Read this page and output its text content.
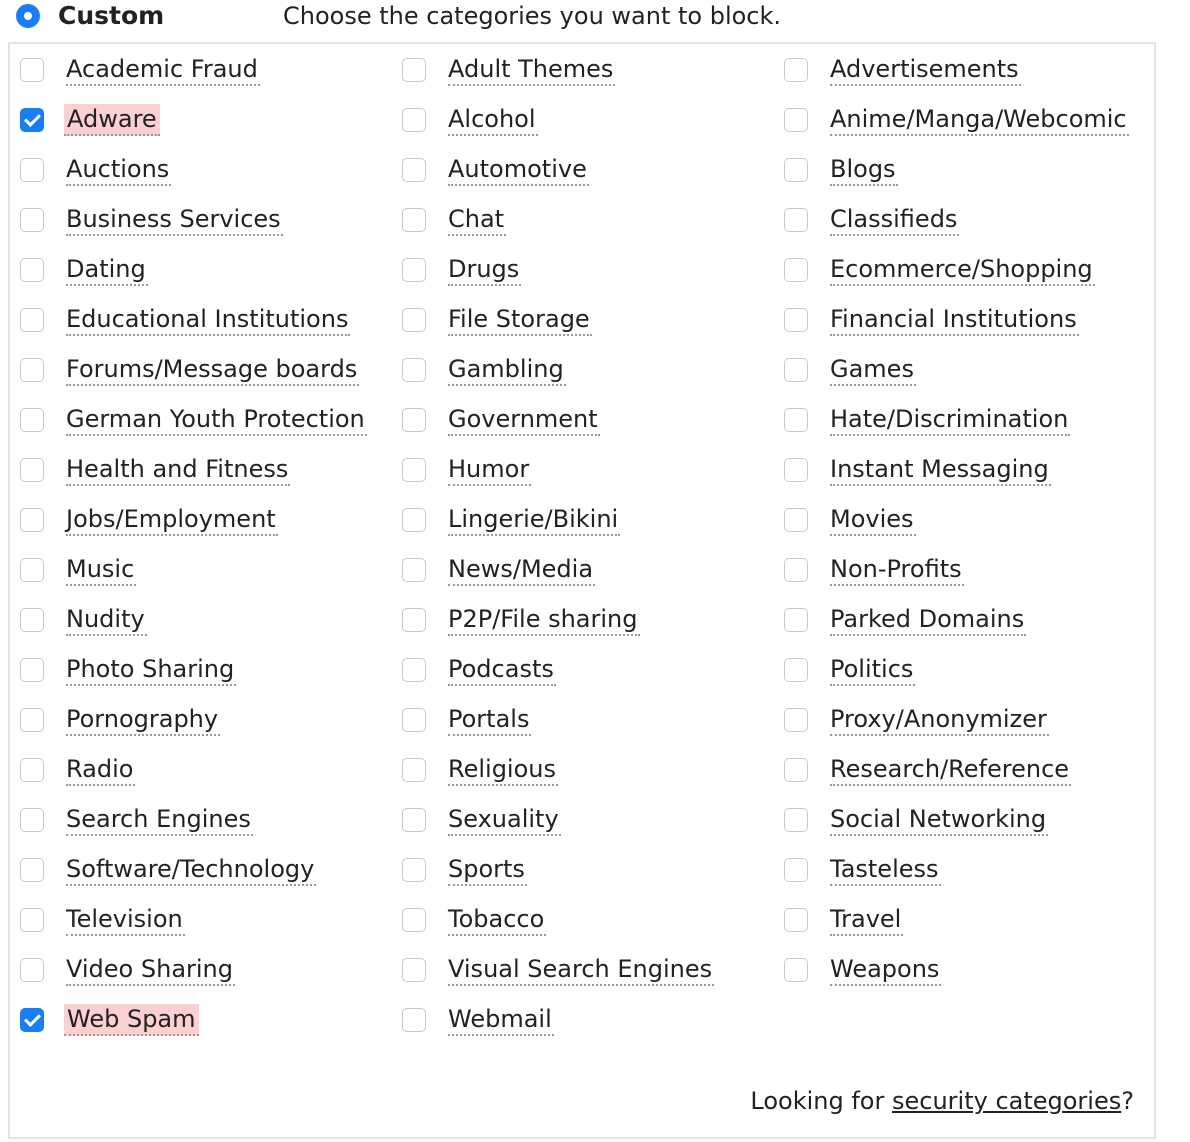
Custom	Choose the categories you want to block.
Academic Fraud
Adware
Auctions
Business Services
Dating
Educational Institutions
Forums/Message boards
German Youth Protection
Health and Fitness
Jobs/Employment
Music
Nudity
Photo Sharing
Pornography
Radio
Search Engines
Software/Technology
Television
Video Sharing
Web Spam
Adult Themes
Alcohol
Automotive
Chat
Drugs
File Storage
Gambling
Government
Humor
Lingerie/Bikini
News/Media
P2P/File sharing
Podcasts
Portals
Religious
Sexuality
Sports
Tobacco
Visual Search Engines
Webmail
Advertisements
Anime/Manga/Webcomic
Blogs
Classifieds
Ecommerce/Shopping
Financial Institutions
Games
Hate/Discrimination
Instant Messaging
Movies
Non-Profits
Parked Domains
Politics
Proxy/Anonymizer
Research/Reference
Social Networking
Tasteless
Travel
Weapons
Looking for security categories?
